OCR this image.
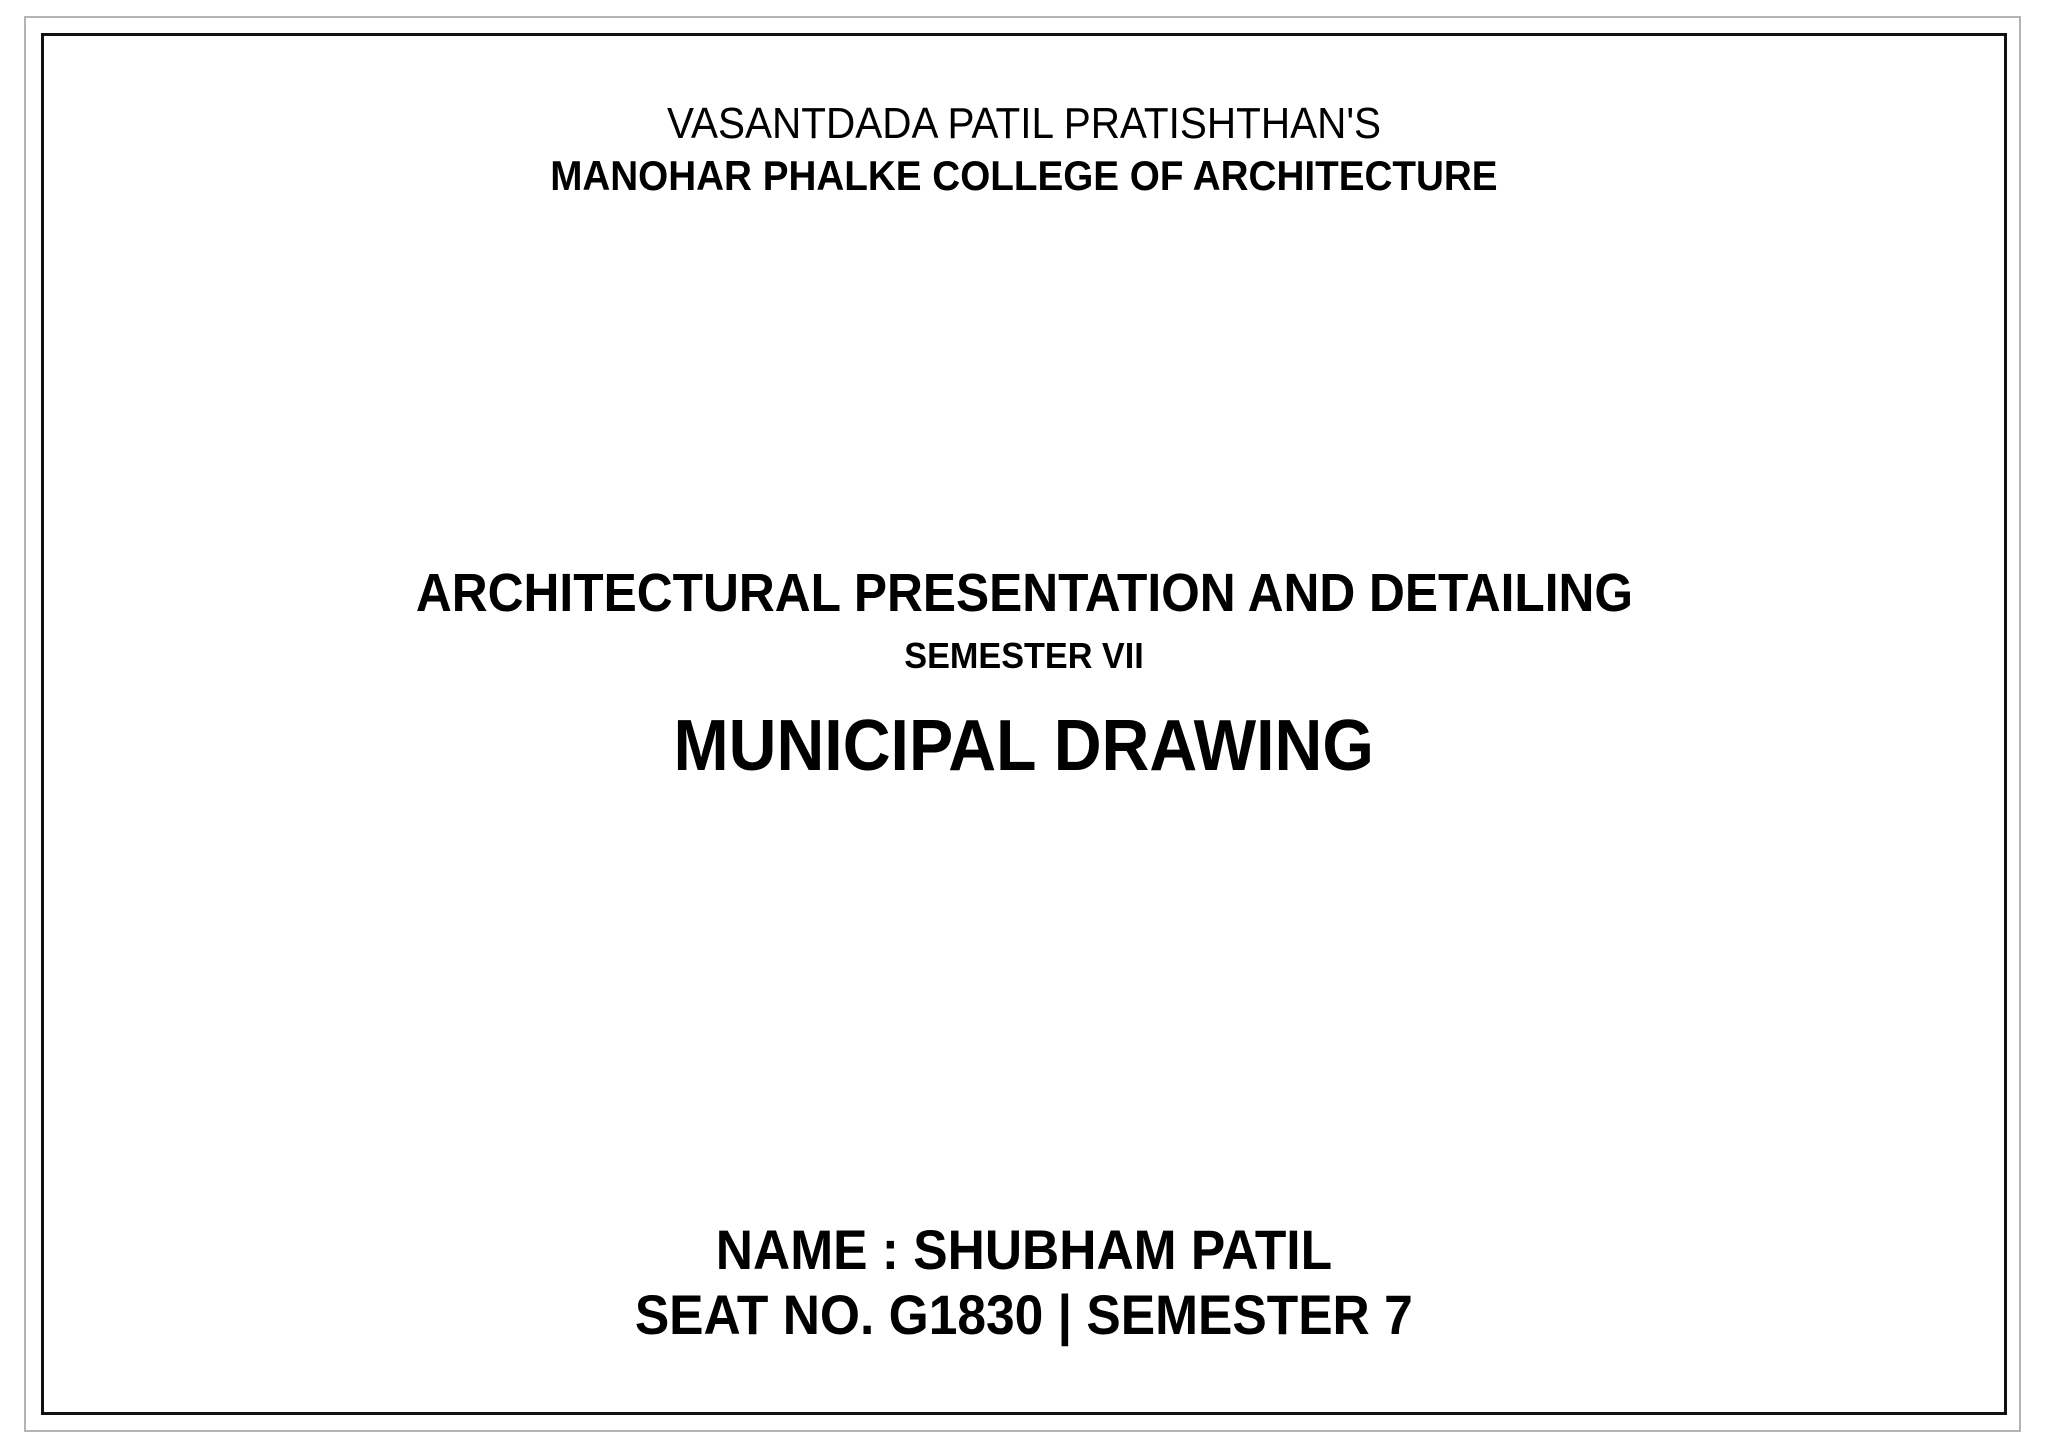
VASANTDADA PATIL PRATISHTHAN'S
MANOHAR PHALKE COLLEGE OF ARCHITECTURE
ARCHITECTURAL PRESENTATION AND DETAILING
SEMESTER VII
MUNICIPAL DRAWING
NAME : SHUBHAM PATIL
SEAT NO. G1830 | SEMESTER 7
